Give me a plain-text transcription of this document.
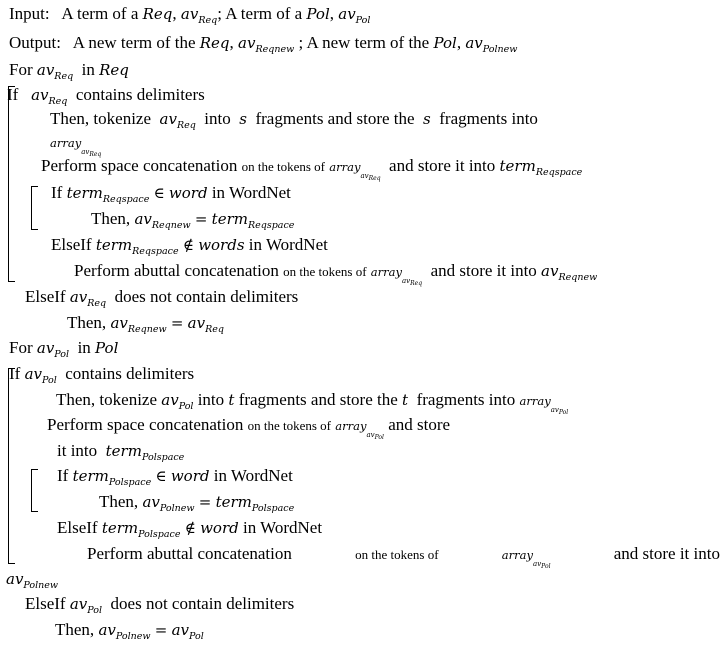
Input: A term of a Req, $av_{Req}$; A term of a Pol, $av_{Pol}$
Output: A new term of the Req, $av_{Reqnew}$ ; A new term of the Pol, $av_{Polnew}$
For $av_{Req}$ in Req
If $av_{Req}$ contains delimiters
Then, tokenize $av_{Req}$ into s fragments and store the s fragments into
array$_{avReq}$
Perform space concatenation on the tokens of array$_{avReq}$  and store it into term$_{Reqspace}$
If term$_{Reqspace}$ ∈ word in WordNet
Then, $av_{Reqnew}$ = term$_{Reqspace}$
ElseIf term$_{Reqspace}$ ∉ words in WordNet
Perform abuttal concatenation on the tokens of array$_{avReq}$  and store it into $av_{Reqnew}$
ElseIf $av_{Req}$ does not contain delimiters
Then, $av_{Reqnew} = av_{Req}$
For $av_{Pol}$ in Pol
If $av_{Pol}$ contains delimiters
Then, tokenize $av_{Pol}$ into t fragments and store the t fragments into array$_{avPol}$
Perform space concatenation on the tokens of array$_{avPol}$ and store
it into term$_{Polspace}$
If term$_{Polspace}$ ∈ word in WordNet
Then, $av_{Polnew}$ = term$_{Polspace}$
ElseIf term$_{Polspace}$ ∉ word in WordNet
Perform abuttal concatenation	on the tokens of	array$_{avPol}$
and store it into
$av_{Polnew}$
ElseIf $av_{Pol}$ does not contain delimiters
Then, $av_{Polnew} = av_{Pol}$
